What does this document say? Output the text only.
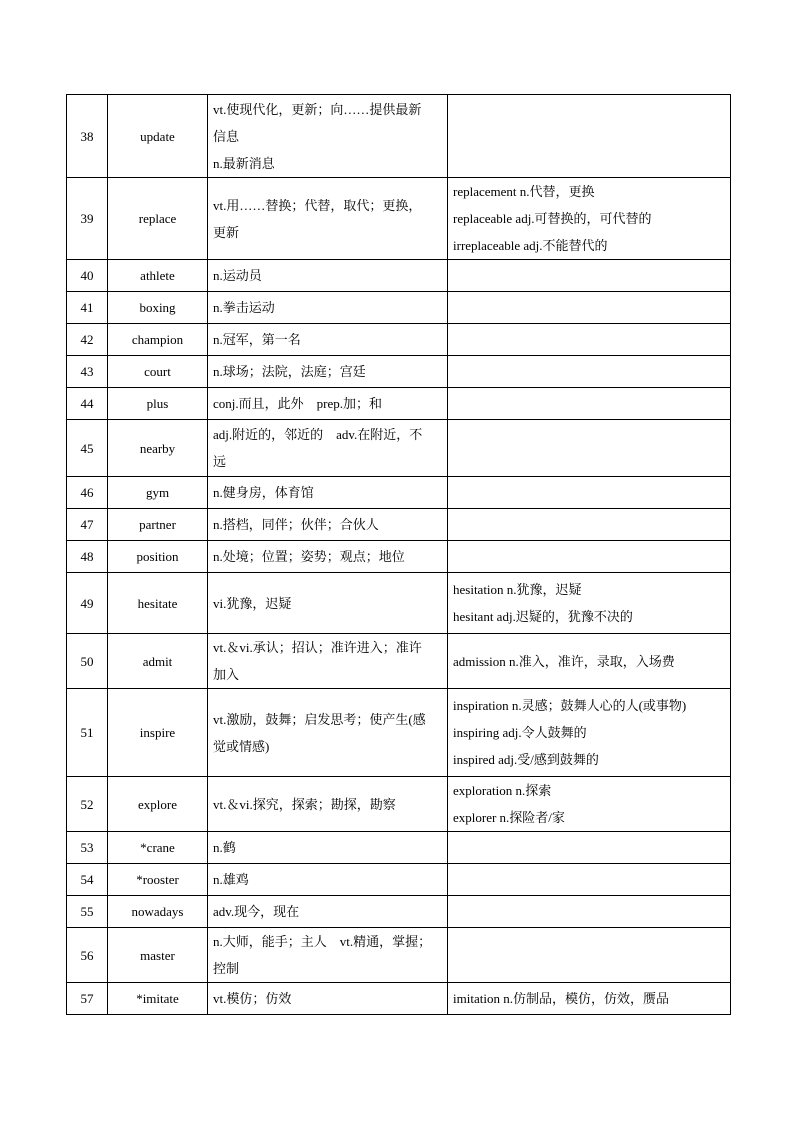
38	update	vt.使现代化，更新；向……提供最新
信息
n.最新消息	

39	replace	vt.用……替换；代替，取代；更换，
更新	replacement n.代替，更换
replaceable adj.可替换的，可代替的
irreplaceable adj.不能替代的

40	athlete	n.运动员	

41	boxing	n.拳击运动	

42	champion	n.冠军，第一名	

43	court	n.球场；法院，法庭；宫廷	

44	plus	conj.而且，此外　prep.加；和	

45	nearby	adj.附近的，邻近的　adv.在附近，不
远	

46	gym	n.健身房，体育馆	

47	partner	n.搭档，同伴；伙伴；合伙人	

48	position	n.处境；位置；姿势；观点；地位	

49	hesitate	vi.犹豫，迟疑	hesitation n.犹豫，迟疑
hesitant adj.迟疑的，犹豫不决的

50	admit	vt.＆vi.承认；招认；准许进入；准许
加入	admission n.准入，准许，录取，入场费

51	inspire	vt.激励，鼓舞；启发思考；使产生(感
觉或情感)	inspiration n.灵感；鼓舞人心的人(或事物)
inspiring adj.令人鼓舞的
inspired adj.受/感到鼓舞的

52	explore	vt.＆vi.探究，探索；勘探，勘察	exploration n.探索
explorer n.探险者/家

53	*crane	n.鹤	

54	*rooster	n.雄鸡	

55	nowadays	adv.现今，现在	

56	master	n.大师，能手；主人　vt.精通，掌握；
控制	

57	*imitate	vt.模仿；仿效	imitation n.仿制品，模仿，仿效，赝品
